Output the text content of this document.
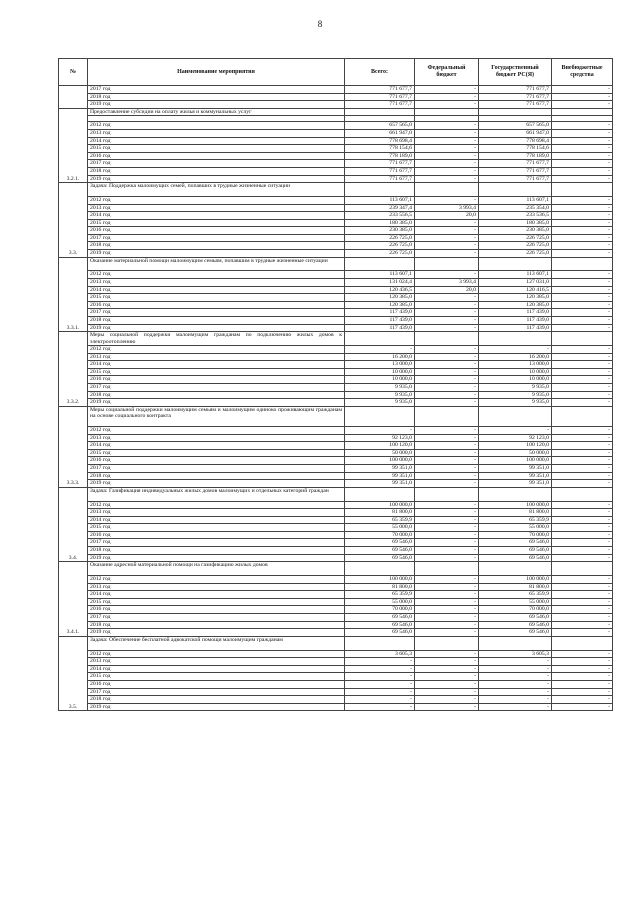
8
№	Наименование мероприятия	Всего:	Федеральный бюджет	Государственный бюджет РС(Я)	Внебюджетные средства
	2017 год	771 677,7	-	771 677,7	-
	2018 год	771 677,7	-	771 677,7	-
	2019 год	771 677,7	-	771 677,7	-
3.2.1.	Предоставление субсидии на оплату жилья и коммунальных услуг				

	2012 год	657 565,0	-	657 565,0	-
	2013 год	661 947,0	-	661 947,0	-
	2014 год	778 698,4	-	778 698,4	-
	2015 год	778 154,6	-	778 154,6	-
	2016 год	778 189,0	-	778 189,0	-
	2017 год	771 677,7	-	771 677,7	-
	2018 год	771 677,7	-	771 677,7	-
	2019 год	771 677,7	-	771 677,7	-
3.3.	Задача: Поддержка малоимущих семей, попавших в трудные жизненные ситуации				
	2012 год	113 607,1	-	113 607,1	-
	2013 год	239 347,4	3 993,4	235 354,0	-
	2014 год	233 556,5	20,0	233 536,5	-
	2015 год	180 385,0	-	180 385,0	-
	2016 год	230 385,0	-	230 385,0	-
	2017 год	226 725,0	-	226 725,0	-
	2018 год	226 725,0	-	226 725,0	-
	2019 год	226 725,0	-	226 725,0	-
3.3.1.	Оказание материальной помощи малоимущим семьям, попавшим в трудные жизненные ситуации				
	2012 год	113 607,1	-	113 607,1	-
	2013 год	131 024,4	3 993,4	127 031,0	-
	2014 год	120 436,5	20,0	120 416,5	-
	2015 год	120 385,0	-	120 385,0	-
	2016 год	120 385,0	-	120 385,0	-
	2017 год	117 439,0	-	117 439,0	-
	2018 год	117 439,0	-	117 439,0	-
	2019 год	117 439,0	-	117 439,0	-
3.3.2.	Меры социальной поддержки малоимущим гражданам по подключению жилых домов к электроотоплению				
	2012 год	-	-	-	-
	2013 год	16 200,0	-	16 200,0	-
	2014 год	13 000,0	-	13 000,0	-
	2015 год	10 000,0	-	10 000,0	-
	2016 год	10 000,0	-	10 000,0	-
	2017 год	9 935,0	-	9 935,0	-
	2018 год	9 935,0	-	9 935,0	-
	2019 год	9 935,0	-	9 935,0	-
3.3.3.	Меры социальной поддержки малоимущим семьям и малоимущим одиноко проживающим гражданам на основе социального контракта				
	2012 год	-	-	-	-
	2013 год	92 123,0	-	92 123,0	-
	2014 год	100 120,0	-	100 120,0	-
	2015 год	50 000,0	-	50 000,0	-
	2016 год	100 000,0	-	100 000,0	-
	2017 год	99 351,0	-	99 351,0	-
	2018 год	99 351,0	-	99 351,0	-
	2019 год	99 351,0	-	99 351,0	-
3.4.	Задача: Газификация индивидуальных жилых домов малоимущих и отдельных категорий граждан				
	2012 год	100 000,0	-	100 000,0	-
	2013 год	81 800,0	-	81 800,0	-
	2014 год	65 359,9	-	65 359,9	-
	2015 год	55 000,0	-	55 000,0	-
	2016 год	70 000,0	-	70 000,0	-
	2017 год	69 546,0	-	69 546,0	-
	2018 год	69 546,0	-	69 546,0	-
	2019 год	69 546,0	-	69 546,0	-
3.4.1.	Оказание адресной материальной помощи на газификацию жилых домов				
	2012 год	100 000,0	-	100 000,0	-
	2013 год	81 800,0	-	81 800,0	-
	2014 год	65 359,9	-	65 359,9	-
	2015 год	55 000,0	-	55 000,0	-
	2016 год	70 000,0	-	70 000,0	-
	2017 год	69 546,0	-	69 546,0	-
	2018 год	69 546,0	-	69 546,0	-
	2019 год	69 546,0	-	69 546,0	-
3.5.	Задача: Обеспечение бесплатной адвокатской помощи малоимущим гражданам				
	2012 год	3 605,3	-	3 605,3	-
	2013 год	-	-	-	-
	2014 год	-	-	-	-
	2015 год	-	-	-	-
	2016 год	-	-	-	-
	2017 год	-	-	-	-
	2018 год	-	-	-	-
	2019 год	-	-	-	-
